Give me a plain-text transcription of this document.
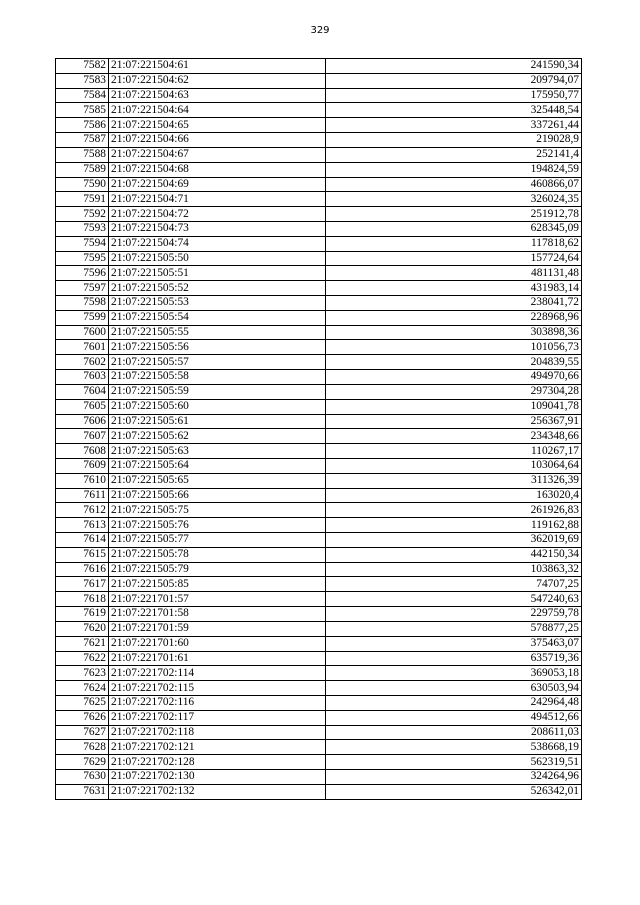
329
7582	21:07:221504:61	241590,34
7583	21:07:221504:62	209794,07
7584	21:07:221504:63	175950,77
7585	21:07:221504:64	325448,54
7586	21:07:221504:65	337261,44
7587	21:07:221504:66	219028,9
7588	21:07:221504:67	252141,4
7589	21:07:221504:68	194824,59
7590	21:07:221504:69	460866,07
7591	21:07:221504:71	326024,35
7592	21:07:221504:72	251912,78
7593	21:07:221504:73	628345,09
7594	21:07:221504:74	117818,62
7595	21:07:221505:50	157724,64
7596	21:07:221505:51	481131,48
7597	21:07:221505:52	431983,14
7598	21:07:221505:53	238041,72
7599	21:07:221505:54	228968,96
7600	21:07:221505:55	303898,36
7601	21:07:221505:56	101056,73
7602	21:07:221505:57	204839,55
7603	21:07:221505:58	494970,66
7604	21:07:221505:59	297304,28
7605	21:07:221505:60	109041,78
7606	21:07:221505:61	256367,91
7607	21:07:221505:62	234348,66
7608	21:07:221505:63	110267,17
7609	21:07:221505:64	103064,64
7610	21:07:221505:65	311326,39
7611	21:07:221505:66	163020,4
7612	21:07:221505:75	261926,83
7613	21:07:221505:76	119162,88
7614	21:07:221505:77	362019,69
7615	21:07:221505:78	442150,34
7616	21:07:221505:79	103863,32
7617	21:07:221505:85	74707,25
7618	21:07:221701:57	547240,63
7619	21:07:221701:58	229759,78
7620	21:07:221701:59	578877,25
7621	21:07:221701:60	375463,07
7622	21:07:221701:61	635719,36
7623	21:07:221702:114	369053,18
7624	21:07:221702:115	630503,94
7625	21:07:221702:116	242964,48
7626	21:07:221702:117	494512,66
7627	21:07:221702:118	208611,03
7628	21:07:221702:121	538668,19
7629	21:07:221702:128	562319,51
7630	21:07:221702:130	324264,96
7631	21:07:221702:132	526342,01
